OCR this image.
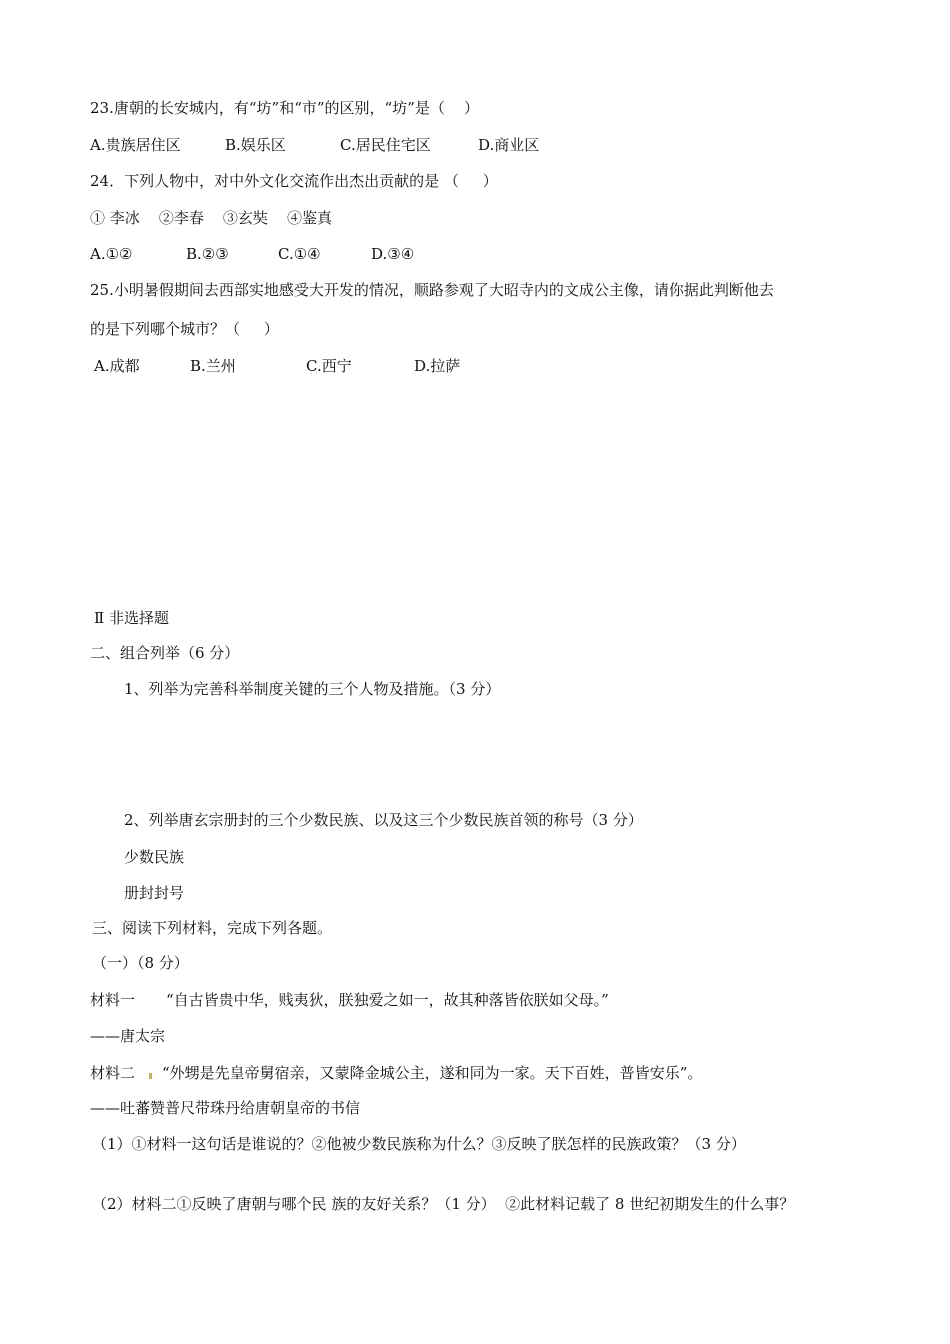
23.唐朝的长安城内，有“坊”和“市”的区别，“坊”是（    ）
A.贵族居住区	B.娱乐区	C.居民住宅区	D.商业区
24．下列人物中，对中外文化交流作出杰出贡献的是 （     ）
① 李冰    ②李春    ③玄奘    ④鉴真
A.①②	B.②③	C.①④	D.③④
25.小明暑假期间去西部实地感受大开发的情况，顺路参观了大昭寺内的文成公主像，请你据此判断他去
的是下列哪个城市？（     ）
A.成都	B.兰州	C.西宁	D.拉萨
Ⅱ 非选择题
二、组合列举（6 分）
1、列举为完善科举制度关键的三个人物及措施。（3 分）
2、列举唐玄宗册封的三个少数民族、以及这三个少数民族首领的称号（3 分）
少数民族
册封封号
三、阅读下列材料，完成下列各题。
（一）（8 分）
材料一 “自古皆贵中华，贱夷狄，朕独爱之如一，故其种落皆依朕如父母。”
——唐太宗
材料二 “外甥是先皇帝舅宿亲，又蒙降金城公主，遂和同为一家。天下百姓，普皆安乐”。
——吐蕃赞普尺带珠丹给唐朝皇帝的书信
（1）①材料一这句话是谁说的？②他被少数民族称为什么？③反映了朕怎样的民族政策？（3 分）
（2）材料二①反映了唐朝与哪个民 族的友好关系？（1 分）  ②此材料记载了 8 世纪初期发生的什么事？
